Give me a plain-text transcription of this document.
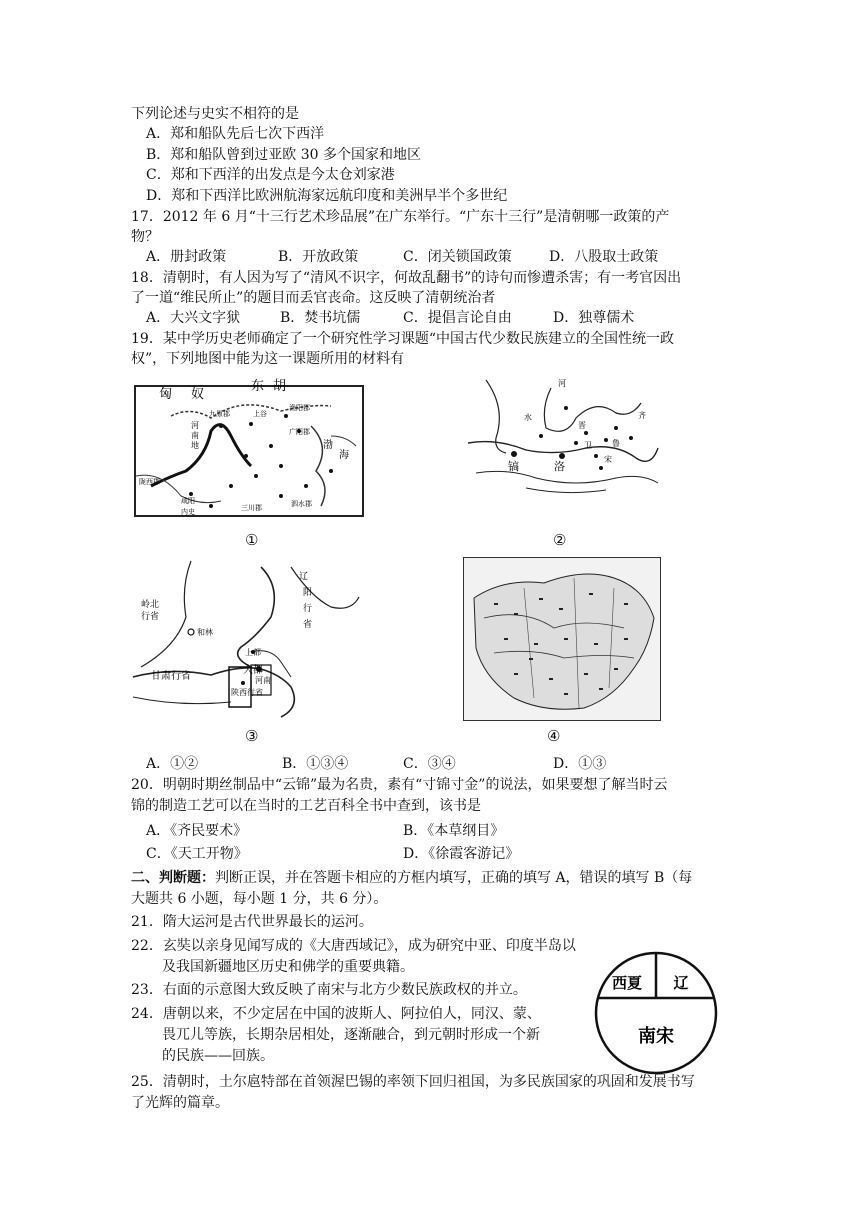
下列论述与史实不相符的是
A．郑和船队先后七次下西洋
B．郑和船队曾到过亚欧 30 多个国家和地区
C．郑和下西洋的出发点是今太仓刘家港
D．郑和下西洋比欧洲航海家远航印度和美洲早半个多世纪
17．2012 年 6 月“十三行艺术珍品展”在广东举行。“广东十三行”是清朝哪一政策的产
物？
A．册封政策	B．开放政策	C．闭关锁国政策	D．八股取士政策
18．清朝时，有人因为写了“清风不识字，何故乱翻书”的诗句而惨遭杀害；有一考官因出
了一道“维民所止”的题目而丢官丧命。这反映了清朝统治者
A．大兴文字狱	B．焚书坑儒	C．提倡言论自由	D．独尊儒术
19．某中学历史老师确定了一个研究性学习课题“中国古代少数民族建立的全国性统一政
权”，下列地图中能为这一课题所用的材料有
匈 奴
东 胡
河
南
地
九原郡	上谷
渔阳郡
广阳郡
陇西郡
咸阳
内史	三川郡	泗水郡
渤
海
①
河
水
晋
洛
镐
卫	鲁
宋
齐
②
辽
阳
行
省
岭北
行省
和林
甘肃行省
上都
大都
陕西行省
河南
③	④
A．①②	B．①③④	C．③④	D．①③
20．明朝时期丝制品中“云锦”最为名贵，素有“寸锦寸金”的说法，如果要想了解当时云
锦的制造工艺可以在当时的工艺百科全书中查到，该书是
A．《齐民要术》	B．《本草纲目》
C．《天工开物》	D．《徐霞客游记》
二、判断题：判断正误，并在答题卡相应的方框内填写，正确的填写 A，错误的填写 B（每
大题共 6 小题，每小题 1 分，共 6 分）。
21．隋大运河是古代世界最长的运河。
22．玄奘以亲身见闻写成的《大唐西域记》，成为研究中亚、印度半岛以
及我国新疆地区历史和佛学的重要典籍。
23．右面的示意图大致反映了南宋与北方少数民族政权的并立。
24．唐朝以来，不少定居在中国的波斯人、阿拉伯人，同汉、蒙、
畏兀儿等族，长期杂居相处，逐渐融合，到元朝时形成一个新
的民族——回族。
25．清朝时，土尔扈特部在首领渥巴锡的率领下回归祖国，为多民族国家的巩固和发展书写
了光辉的篇章。
西夏 辽
南宋
